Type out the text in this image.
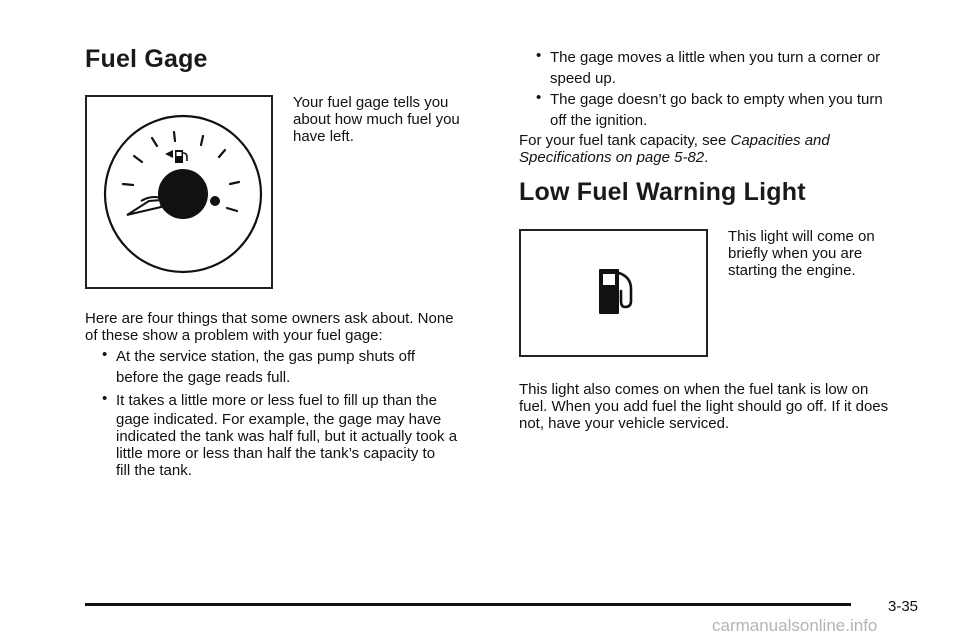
Fuel Gage
Your fuel gage tells you
about how much fuel you
have left.
Here are four things that some owners ask about. None
of these show a problem with your fuel gage:
• At the service station, the gas pump shuts off
before the gage reads full.
• It takes a little more or less fuel to fill up than the
gage indicated. For example, the gage may have
indicated the tank was half full, but it actually took a
little more or less than half the tank’s capacity to
fill the tank.
• The gage moves a little when you turn a corner or
speed up.
• The gage doesn’t go back to empty when you turn
off the ignition.
For your fuel tank capacity, see Capacities and
Specifications on page 5-82.
Low Fuel Warning Light
This light will come on
briefly when you are
starting the engine.
This light also comes on when the fuel tank is low on
fuel. When you add fuel the light should go off. If it does
not, have your vehicle serviced.
3-35
carmanualsonline.info
